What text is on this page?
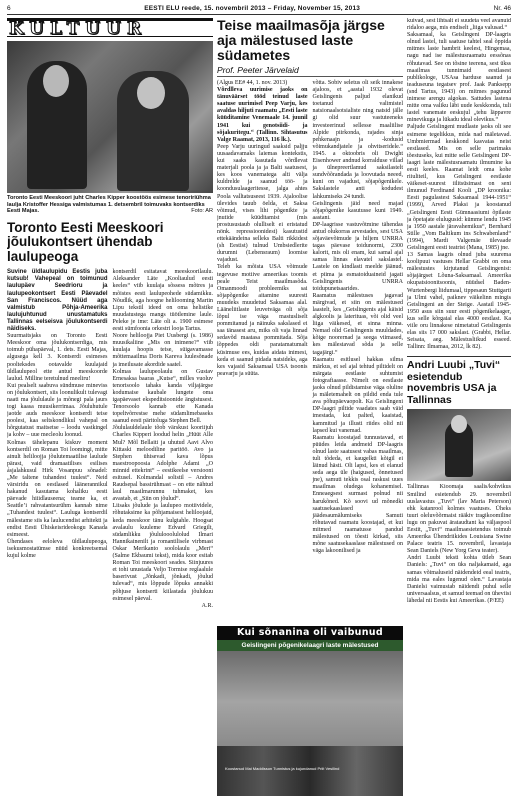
6	EESTI ELU reede, 15. novembril 2013 – Friday, November 15, 2013	Nr. 46
KULTUUR
Toronto Eesti Meeskoori juht Charles Kipper koostöös esimese tenoririühma laulja Kristoffer Hessiga valmistumas 1. detsembril toimuvaks kontserdiks Eesti Majas.	Foto: AR
Toronto Eesti Meeskoori jõulukontsert ühendab laulupeoga

Suvine üldlaulupidu Eestis juba kutsub! Vahepeal on toimunud laulupäev Seedrioru ja laulupeokontsert Eesti Päevadel San Franciscos. Nüüd aga valmistub Põhja-Ameerika laulujuhtunud unustamatuks Tallinnas eelseisva jõulukontserdi näidiseks.

Suurmaitsjaks on Toronto Eesti Meeskoor oma jõulukontserdiga, mis toimub pühapäeval, 1. dets. Eesti Majas, algusega kell 3. Kontserdi esimeses poolteksdes ootavalde kuulajaid üldlaulupeol ette antud meeskoorde laulud. Milline teretulnud meeliru!

Kui pealselt saabuva sündmuse mineviss on jõulukontsert, siis loonulikult tulevagi naati ma jõululaule ja mõnegi pala jaurs togi kaasa muusikerrimaa. Jõuluhutule jaotde auds meeskoor kontserdi teise poolesi, kaa seltskondlikul vahepal on hõrgutatust maitsetse – loodu vastkingel ja kohv – uue mecleolu loonud.

Kolmas tähelepanu kiskuv moment kontserdil on Roman Toi loomingi, mitte ainult heliloojja jõulutemaatilise laulude pärast, vaid dramaatilises esilises ásjalahkusul Hirk Vosanpuu sõnadel: „Me taltene tuhandest tuulest“. Neid värsiridu on eestlased läänerannikul hakanud kasutama kohaliku eesti päevade hiiidlauseena; teame ka, et Seattle’i rahvatantsurühm kannab nime „Tuhandest tuulest“. Lauluga kontserdil mälestame siis ka laulucendist arhitekti ja endist Eesti Ühiskeisrideokogu Kanada esimeest.

Ühendases eeloleva üldlaulupeoga, isekusmostatümse nüüd konkreetsemal kujul kolme

kontserdil esitatavat meeskoorilaulu. Aleksander Läte „Kooliaulud eesti keeles“ viib kuulaja sõssess mõtres ja mõistes eesti laulupeohede südamikku. Nõudlik, aga hoogne helilooming Martin Lipu tekstil ideed on oma helistike muudatustega mangs tüötlemine laule. Peleke je ime: Läte oli a. 1900 esimese eesti sümfoonia orkestri looja Tartus.

Noore heliloojja Piet Uusbergi (s. 1986) muusikaliine „Mis on inimene?“ viib kuulaja hoopis teise, süigavamasse mõttemaailma Doris Kareva luulesõnade ja imeilusate akordide saatel.

Kolmas laulupeolaulu on Gustav Ernesaksa baaras „Kutse“, milles vuoluv tenorisoolo tahaks kanda viljajärgse kodumaise kaubale lungete oma igapäevaset ekspeditsioonide ängistusest. Tenorsoolo kannab ette Kanada topeltvõrrestse mehe südamlimebaseks saanud eesti päritoluga Stephen Bell.

Jõululauldelaule tõob värskust kooriijuh Charles Kipperi loodud helin „Hüüt Alle Mul? Mõl Bellaiti ja uhutud Aavi Alvo Kittaski meloodiline paritöö. Avo ja Stephen ühisevad kava lõpus maestroopoosia Adolphe Adami „O minnid ettekrint“ – eestikeelse versiooni esitusel. Kolmandal solistil – Andres Raudsepal bassirühmast – on ette nähtud laul maailmarunnu tuhmaket, kes avastab, et „Siin on jõulud“.

Liisaks jõulude ja laulupeo motiividele, rõhutaksime ka põhjamaisest heliloojaid, keda meeskoor tänu kulgtahle. Hoogsat avalaulu kuuleme Edvard Griegilt, südamlikku jõululooolulolud Ilmari Hannikainenilt ja romantilisele virbmast Oskar Merikanto soololaulu „Meri“ (Salme Ekbaumi tekst), mida koor esitab Roman Toi meeskoori seades. Siinjuures et tohi unustada Veljo Tormise reglaalule baserivust „Jõnkadi, jõnkadi, jõulud tulevad“, mis lõppude lõpuks annakki põhjuse kontserti kiilastada jõulukuu esimesel päeval.

A.R.

Teise maailmasõja järgse aja mälestused laste südametes
Prof. Peeter Järvelaid

(Algus EE# 44, 1. nov. 2013)

Võrdlleva uurimise jaoks on tänuväärset tööd teinud laste saatuse uurimisel Peep Varju, kes avaldas hiljuti raamatu „Eesti laste küüditamine Venemaale 14. juunil 1941 kui genotsiidi- ja sõjakuritegu.“ (Tallinn. Sihtasutus Valge Raamat, 2013, 116 lk.).

Peep Varju uuringud saaksid paljju uusaadavamaks laiemas kontekstis, kui saaks kasutada võrdlevat materjali poola ja ja Balti saatusest, kes koos vanematega alti välja kuldrelde ja saanud töö- ja koondusulaageritesse, jalga ahtes Poola valltatsuseest 1939. Ajaloolise ülevides tauub öelda, et Saksa võimud, vises lihi põgenikte ja jnutide küüditamist (mis prostusustaub olulliselt ei eristatud nönk. repressioonidest) kasutustid ettekäändeina selleks Balti rikkidest (sh Eestist) tulnud Umbsiedlerite durumni (Lebensraum) loomise vajadust.

Teleb ka mõista USA võimude tegevuse motiive ameerikas toomis peale Teist maailmasõda. Omanmoodi probleemiks sai sõjapõgenike aitamine suuresti muudeks muudetud Saksamaa alal. Lääneliitlaste leuvetväga oli sõja lõpul ise väga mastusliselt pommitanud ja näinuks sakslased ei saa tänasest aru, miks oli vaja linnad sedavõd maatasa pommitada. Sõja lõppedes oldi paratamatumalt küsimuse ees, kuidas aidata inimesi, keda ei saanud pidada natsideks, aga kes vajasid Saksamaal USA tsoonis peavarju ja süüta.

võtta. Sobiv seletus oli seik innakese ajaloos, et „aastal 1932 olevat Geislingenis paljud elanikud toetanud valimistel natsionaalsotsialiste ning natsid jälle gi olid suur vastuteeneks investeerinud sellesse maaliilise Alpide piirkonda, rajades sinja pehkenaajn ja -kodusid võimukandjatele ja ohvitseridele.“ 1945. a oktoobris oli Dwight Eisenhower andnud korralduse villad ja ülnepreertlamud saksilastelt sundvõõrandada ja loovutada neeed, kuni on vajadust, sõjapõgenikele. Sakslastele anti kodudest lahkumiseks 24 tundi.

Geislingenis jäid need majad sõjapõgenike kasutusse kuni 1949. aastani.

DP-laagrisse vastuvõtmine tähendas antud olukorras arvestades, sest USA sõjaväevõimude ja hiljem UNRRA tagas päevase toidunormi, 2300 kalorit, mis oli enam, kui samal ajal samas linnas elavatel sakslastel. Lastele on kindlasti meelde jäänud, et piima ja esmatoiduaineid jagati Geislingenis UNRRA toidupunetsaarides.

Raamatus mälestuses jagavad märgivad, et siin on mälestused laastelt, kes „Geislingenis ajal käisid algkoolis ja laterituas, või olid veel liiga väikesed, et sinna minna. Nemad olid Geislingenis muuldades, kõige noorernad ja seega viimased, kes mälestavad sõda ja selle tagajärgi.“

Raamatu esitlusel hakkas silma märkus, et sel ajal tehtud piltidelt on märgata eestlaste suhtumist fotografiaasse. Nimelt on eestlaste jaoks olnud pildistamise väga oluline ja mäletemahelt on pildid enda tule ava põhupäevaopolt. Ka Geislingeni DP-laagri piltide vaadates saab väid imestada, kui palted, kaaistad, kammitud ja illusti riides olid nii lapsed kui vanemad.

Raamatu koostajad tunnustavad, et püüdes leida andmeid DP-laagris olnud laste saatusest vabas maailmas, tuli tõdeda, et kaugelkti kõigil ei läinud hästi. Oli lapsi, kes ei elanud seda aega üle (haigused, õnnetused jne), samuti tekkis osal raskusi uues maailmas oludega kohanemisel. Enneaegsest surmast polnud nii harukõned. Kõ soovi ud mõnedki saatusekaaslased jäädesaumälumiseks Samuti rõhutavad raamatu koostajad, et kui mitmed raamatusse pandud mälestused on tõesti kirkad, siis mõne saatusekaaslase mälestused on väga lakoonilised ja

Kui sõnanina oli vaibunud
Geislingeni põgenikelaagri laste mälestused
Koostanud Mai Maddisson Tunnistus ja kujundanud Priit Vesilind

kuivad, sest lihtsalt ei suudeta veel avanuid ridaloo aega, mis endiselt „liiga valusad.“

Saksamaal, ka Geislingeni DP-laagris olnud lastel, tuli saatuse tahtel seal õppida mitmes laste hambrit keelest, Hingemaa, nagu nad ise mälestusraamatu eessõnas rõhutavad. See on tõsine teerena, sest ükss maailmas tunnimaid eestlasest publikologe, USAsa harduse saanud ja teaduseuna tegatsev prof. Jaak Panksepp (snd Tartus, 1943) on mitmes pagunud inimese arengu algokas. Sattudes lastena mitte oma valiku läbi uude keskkonda, tuli lastel vanemate eeskujul „tehu läppavre minevikuga ja lükadu ideal olevikus.“

Paljude Geislingeni mudlaste jaoks oli see esimene tegelikkus, mida nad mäletavad. Umbmiermad keskkond kasvatas neist eestlased. Mis on selle parimaks tõestuseks, kui mitte selle Geislingeni DP-laagri laste mälestusraamatu ilmumine ka eesti keeles. Raamat leidt oma kohe riiuliteil, kus Geislingeni eestlaste väikeset-suurest iilitsüsimast on seni ilmunud Ferdinand Kooli „DP kroonika: Eesti pagulastest Saksamaal 1944-1951“ (1999), Arved Plaksi ja koostanud „Geislingeni Eesti Gümnaasiumi õpilaste ja õpetajate elulugusid: kümme lendu 1945 ja 1950 aastale järavahemikus“, Bernhard Stille „Vom Baltikum ins Schwabenland“ (1994), Mardi Valgemäe ülevaade Geislingeni eesti teatrist (Mana, 1985) jne.

13 Samas laagris olnud juba suurema koolipuui vastuses Hellar Grabbi on oma mälestustes kirjutanud Geislingenist: sõjajärgset Lõuna-Saksamaal. Ameerika okupatsioonitsoonis, nüüdsel Baden-Wurtenbergi liidumaal, tippesaun Stuttgarti ja Ulmi vahel, paiknev väikelinn mingis Geislingeni an der Steige. Aastail 1945-1950 asus siin suur eesti põgenikelaager, kus selle kõrgaial elas 4000 eestlast. Ka viile oru linnakese nimetatud Geislingenis elas siis 17 000 sakslast. (Grabbi, Hellar. Seisata, aeg. Mälestusliikud esseed. Tallinn: Ilmamaa, 2012, lk 82).

Andri Luubi „Tuvi“ esietendub novembris USA ja Tallinnas

Tallinnas Kioomaja saalis/kohvikus Smilind esietendub 29. novembril uuslavastus „Tuvi“ (lav Maria Peterson) ehk katanrool kolmes vaatuses. Üheks tuuri oleluvõõrmaist rääkiv tragikoomiline lugu on pakuvat ärataudtant ka väljaspool Eestit, „Tuvi“ maailmaesietendus toimub Ameerika Ühendriikides Louisiana Swine Palace teatris 15. novembril, lavastaja Sean Daniels (New Yorg Geva teater).

Andri Luubi teksti kohta ütleb Sean Daniels: „Tuvi“ on üks naljakamaid, aga samas võimaluseid näidendeid eeal teatris, mida ma eales lugenud olen.“ Lavastaja Danielsi vaimustab näidendi puhul selle universaalsus, et samud teemad on üheviisi lähedal nii Eestis kui Ameerikas. (P/EE)
